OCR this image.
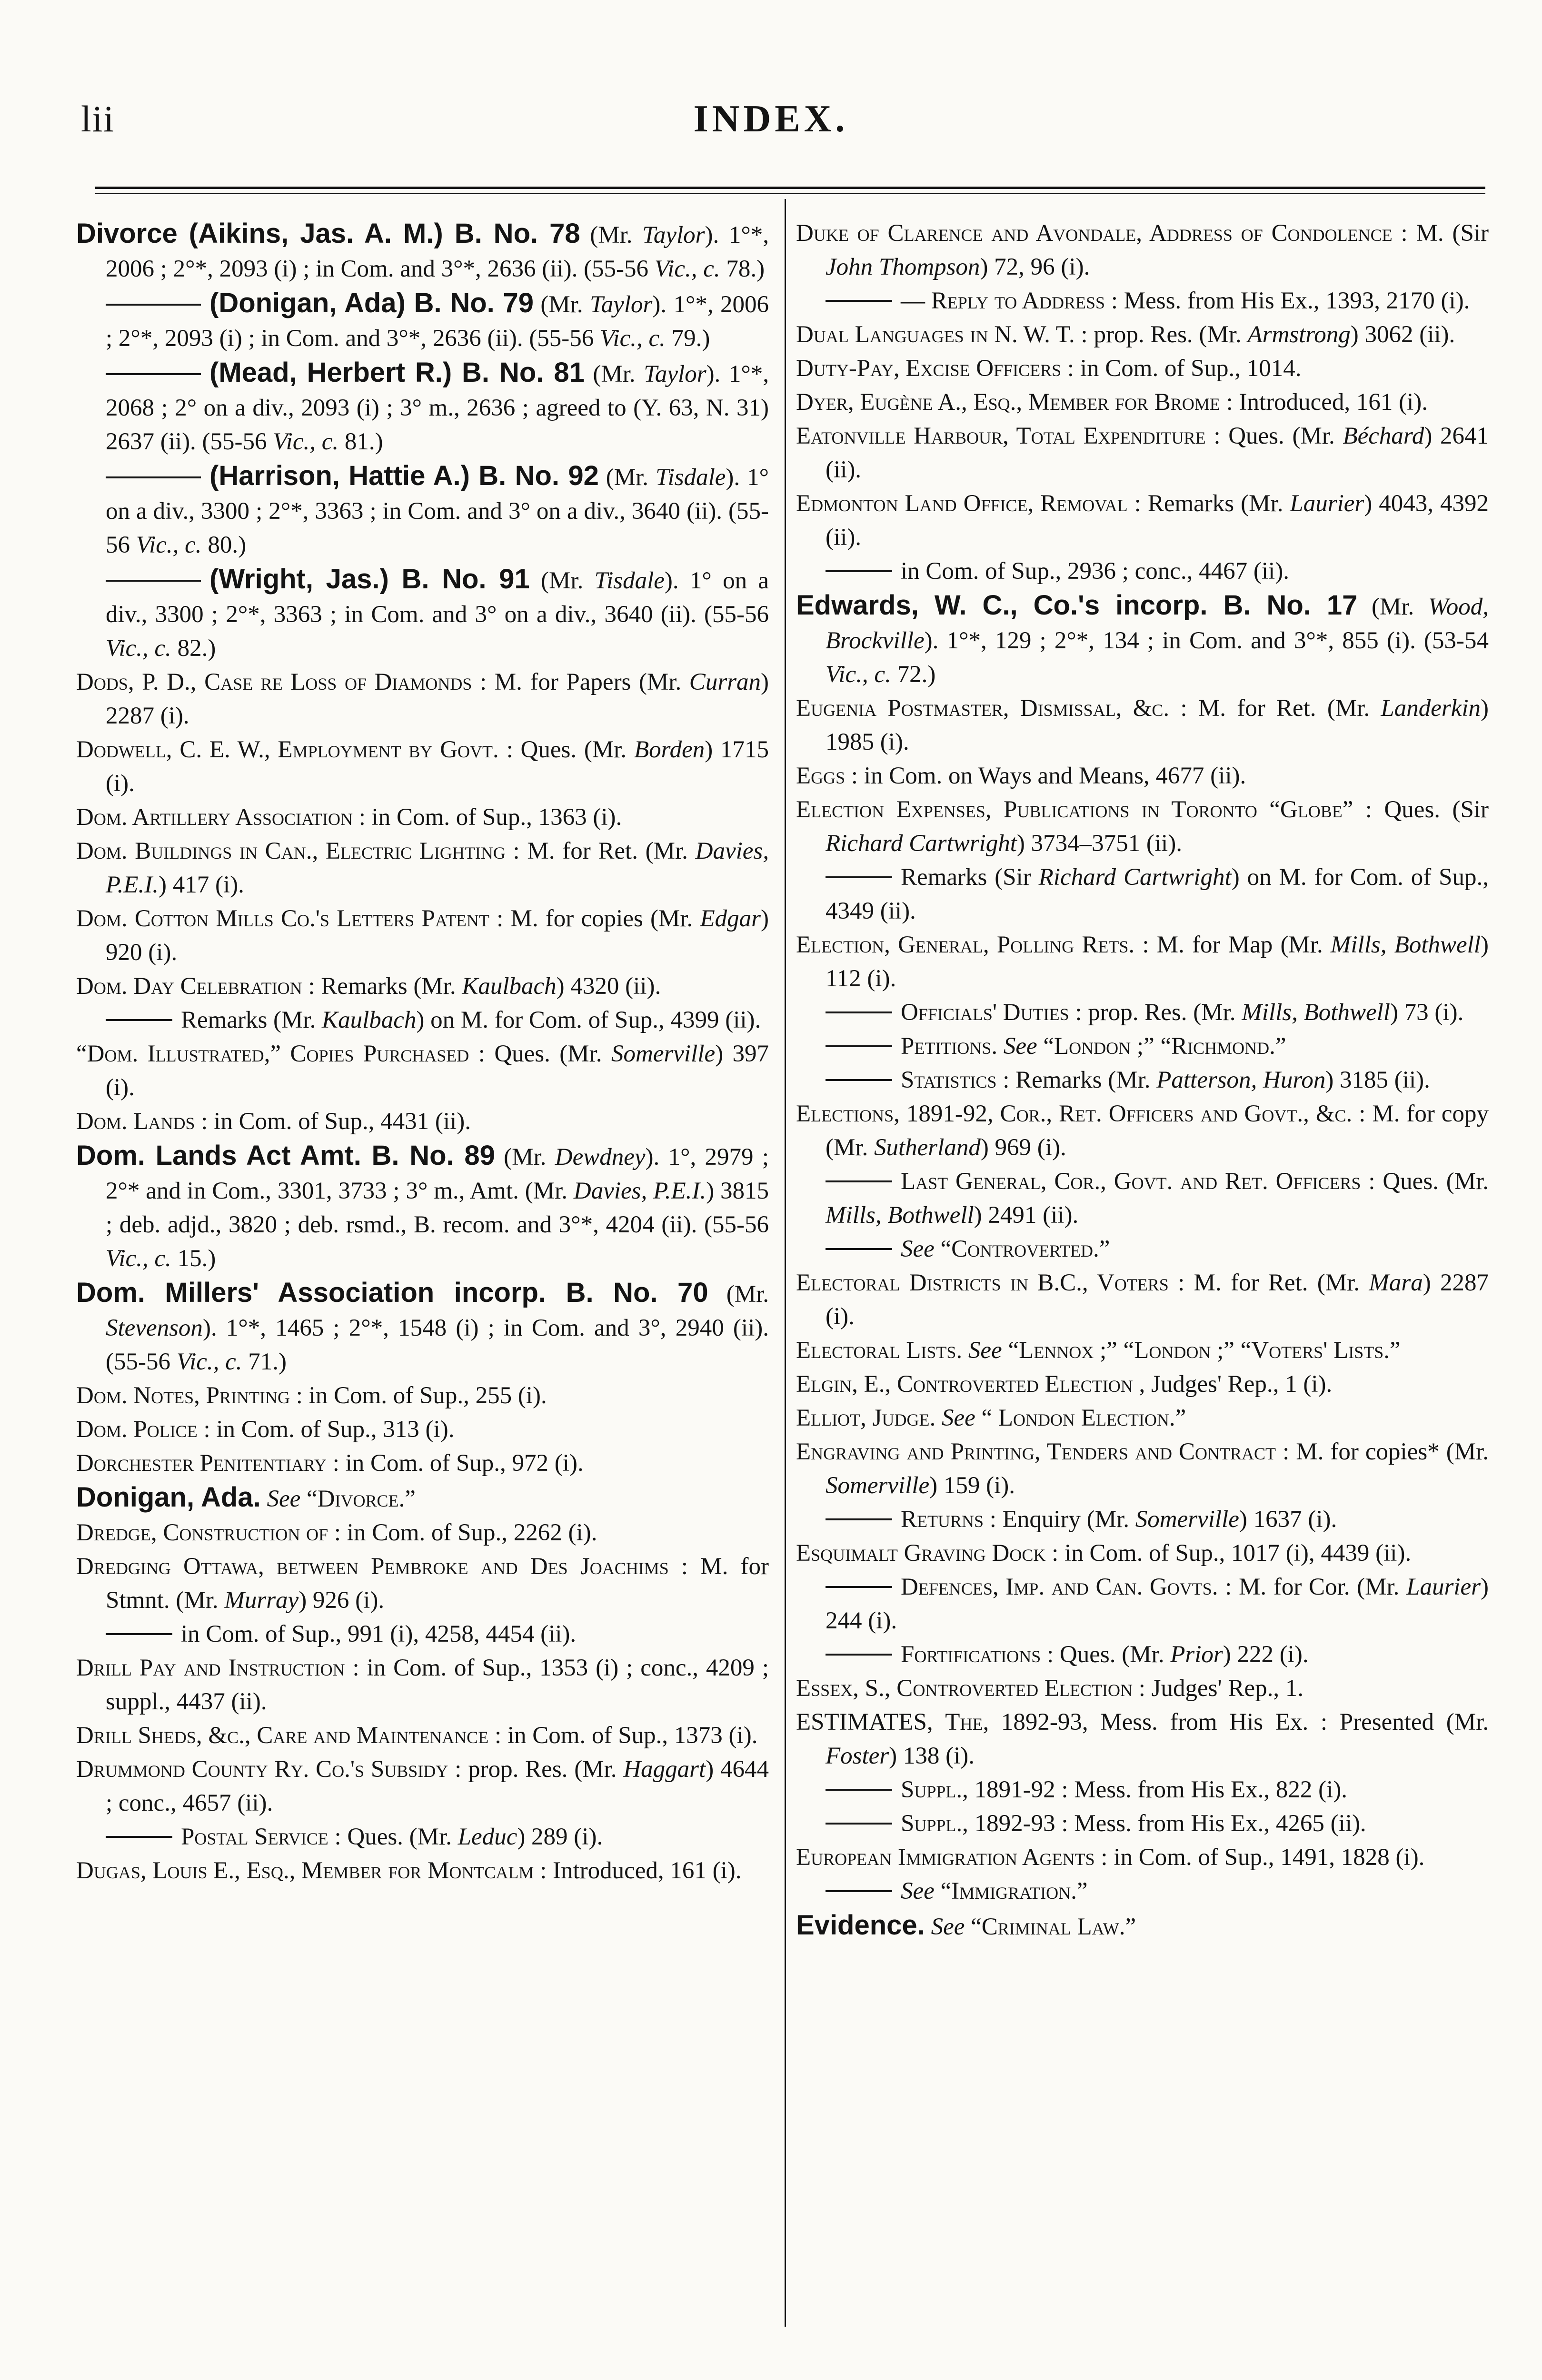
lii	INDEX.
Divorce (Aikins, Jas. A. M.) B. No. 78 (Mr. Taylor). 1°*, 2006 ; 2°*, 2093 (i) ; in Com. and 3°*, 2636 (ii). (55-56 Vic., c. 78.)
(Donigan, Ada) B. No. 79 (Mr. Taylor). 1°*, 2006 ; 2°*, 2093 (i) ; in Com. and 3°*, 2636 (ii). (55-56 Vic., c. 79.)
(Mead, Herbert R.) B. No. 81 (Mr. Taylor). 1°*, 2068 ; 2° on a div., 2093 (i) ; 3° m., 2636 ; agreed to (Y. 63, N. 31) 2637 (ii). (55-56 Vic., c. 81.)
(Harrison, Hattie A.) B. No. 92 (Mr. Tisdale). 1° on a div., 3300 ; 2°*, 3363 ; in Com. and 3° on a div., 3640 (ii). (55-56 Vic., c. 80.)
(Wright, Jas.) B. No. 91 (Mr. Tisdale). 1° on a div., 3300 ; 2°*, 3363 ; in Com. and 3° on a div., 3640 (ii). (55-56 Vic., c. 82.)
Dods, P. D., Case re Loss of Diamonds : M. for Papers (Mr. Curran) 2287 (i).
Dodwell, C. E. W., Employment by Govt. : Ques. (Mr. Borden) 1715 (i).
Dom. Artillery Association : in Com. of Sup., 1363 (i).
Dom. Buildings in Can., Electric Lighting : M. for Ret. (Mr. Davies, P.E.I.) 417 (i).
Dom. Cotton Mills Co.'s Letters Patent : M. for copies (Mr. Edgar) 920 (i).
Dom. Day Celebration : Remarks (Mr. Kaulbach) 4320 (ii).
Remarks (Mr. Kaulbach) on M. for Com. of Sup., 4399 (ii).
“Dom. Illustrated,” Copies Purchased : Ques. (Mr. Somerville) 397 (i).
Dom. Lands : in Com. of Sup., 4431 (ii).
Dom. Lands Act Amt. B. No. 89 (Mr. Dewdney). 1°, 2979 ; 2°* and in Com., 3301, 3733 ; 3° m., Amt. (Mr. Davies, P.E.I.) 3815 ; deb. adjd., 3820 ; deb. rsmd., B. recom. and 3°*, 4204 (ii). (55-56 Vic., c. 15.)
Dom. Millers' Association incorp. B. No. 70 (Mr. Stevenson). 1°*, 1465 ; 2°*, 1548 (i) ; in Com. and 3°, 2940 (ii). (55-56 Vic., c. 71.)
Dom. Notes, Printing : in Com. of Sup., 255 (i).
Dom. Police : in Com. of Sup., 313 (i).
Dorchester Penitentiary : in Com. of Sup., 972 (i).
Donigan, Ada. See “Divorce.”
Dredge, Construction of : in Com. of Sup., 2262 (i).
Dredging Ottawa, between Pembroke and Des Joachims : M. for Stmnt. (Mr. Murray) 926 (i).
in Com. of Sup., 991 (i), 4258, 4454 (ii).
Drill Pay and Instruction : in Com. of Sup., 1353 (i) ; conc., 4209 ; suppl., 4437 (ii).
Drill Sheds, &c., Care and Maintenance : in Com. of Sup., 1373 (i).
Drummond County Ry. Co.'s Subsidy : prop. Res. (Mr. Haggart) 4644 ; conc., 4657 (ii).
Postal Service : Ques. (Mr. Leduc) 289 (i).
Dugas, Louis E., Esq., Member for Montcalm : Introduced, 161 (i).
Duke of Clarence and Avondale, Address of Condolence : M. (Sir John Thompson) 72, 96 (i).
— Reply to Address : Mess. from His Ex., 1393, 2170 (i).
Dual Languages in N. W. T. : prop. Res. (Mr. Armstrong) 3062 (ii).
Duty-Pay, Excise Officers : in Com. of Sup., 1014.
Dyer, Eugène A., Esq., Member for Brome : Introduced, 161 (i).
Eatonville Harbour, Total Expenditure : Ques. (Mr. Béchard) 2641 (ii).
Edmonton Land Office, Removal : Remarks (Mr. Laurier) 4043, 4392 (ii).
in Com. of Sup., 2936 ; conc., 4467 (ii).
Edwards, W. C., Co.'s incorp. B. No. 17 (Mr. Wood, Brockville). 1°*, 129 ; 2°*, 134 ; in Com. and 3°*, 855 (i). (53-54 Vic., c. 72.)
Eugenia Postmaster, Dismissal, &c. : M. for Ret. (Mr. Landerkin) 1985 (i).
Eggs : in Com. on Ways and Means, 4677 (ii).
Election Expenses, Publications in Toronto “Globe” : Ques. (Sir Richard Cartwright) 3734–3751 (ii).
Remarks (Sir Richard Cartwright) on M. for Com. of Sup., 4349 (ii).
Election, General, Polling Rets. : M. for Map (Mr. Mills, Bothwell) 112 (i).
Officials' Duties : prop. Res. (Mr. Mills, Bothwell) 73 (i).
Petitions. See “London ;” “Richmond.”
Statistics : Remarks (Mr. Patterson, Huron) 3185 (ii).
Elections, 1891-92, Cor., Ret. Officers and Govt., &c. : M. for copy (Mr. Sutherland) 969 (i).
Last General, Cor., Govt. and Ret. Officers : Ques. (Mr. Mills, Bothwell) 2491 (ii).
See “Controverted.”
Electoral Districts in B.C., Voters : M. for Ret. (Mr. Mara) 2287 (i).
Electoral Lists. See “Lennox ;” “London ;” “Voters' Lists.”
Elgin, E., Controverted Election , Judges' Rep., 1 (i).
Elliot, Judge. See “ London Election.”
Engraving and Printing, Tenders and Contract : M. for copies* (Mr. Somerville) 159 (i).
Returns : Enquiry (Mr. Somerville) 1637 (i).
Esquimalt Graving Dock : in Com. of Sup., 1017 (i), 4439 (ii).
Defences, Imp. and Can. Govts. : M. for Cor. (Mr. Laurier) 244 (i).
Fortifications : Ques. (Mr. Prior) 222 (i).
Essex, S., Controverted Election : Judges' Rep., 1.
ESTIMATES, The, 1892-93, Mess. from His Ex. : Presented (Mr. Foster) 138 (i).
Suppl., 1891-92 : Mess. from His Ex., 822 (i).
Suppl., 1892-93 : Mess. from His Ex., 4265 (ii).
European Immigration Agents : in Com. of Sup., 1491, 1828 (i).
See “Immigration.”
Evidence. See “Criminal Law.”
